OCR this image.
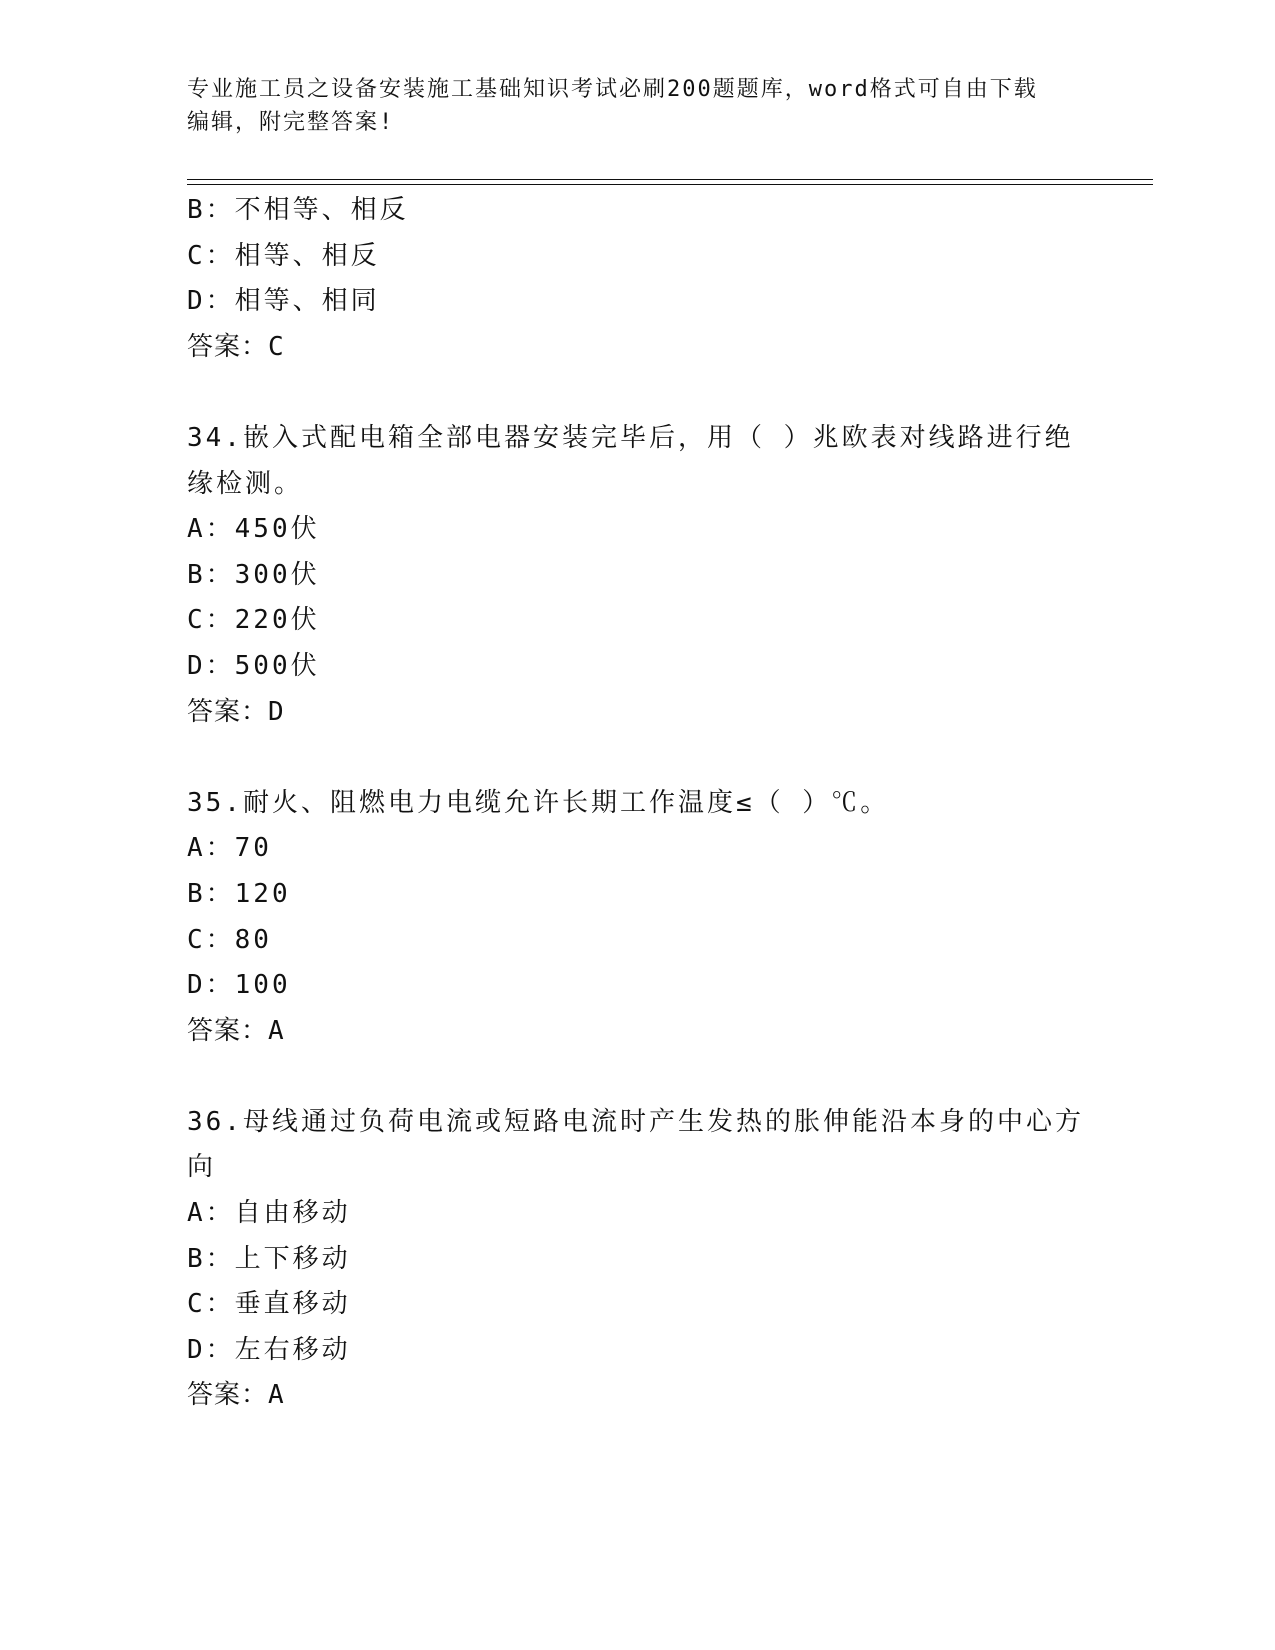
专业施工员之设备安装施工基础知识考试必刷200题题库，word格式可自由下载
编辑，附完整答案!
B：不相等、相反
C：相等、相反
D：相等、相同
答案：C
34.嵌入式配电箱全部电器安装完毕后，用（ ）兆欧表对线路进行绝
缘检测。
A：450伏
B：300伏
C：220伏
D：500伏
答案：D
35.耐火、阻燃电力电缆允许长期工作温度≤（ ）℃。
A：70
B：120
C：80
D：100
答案：A
36.母线通过负荷电流或短路电流时产生发热的胀伸能沿本身的中心方
向
A：自由移动
B：上下移动
C：垂直移动
D：左右移动
答案：A
